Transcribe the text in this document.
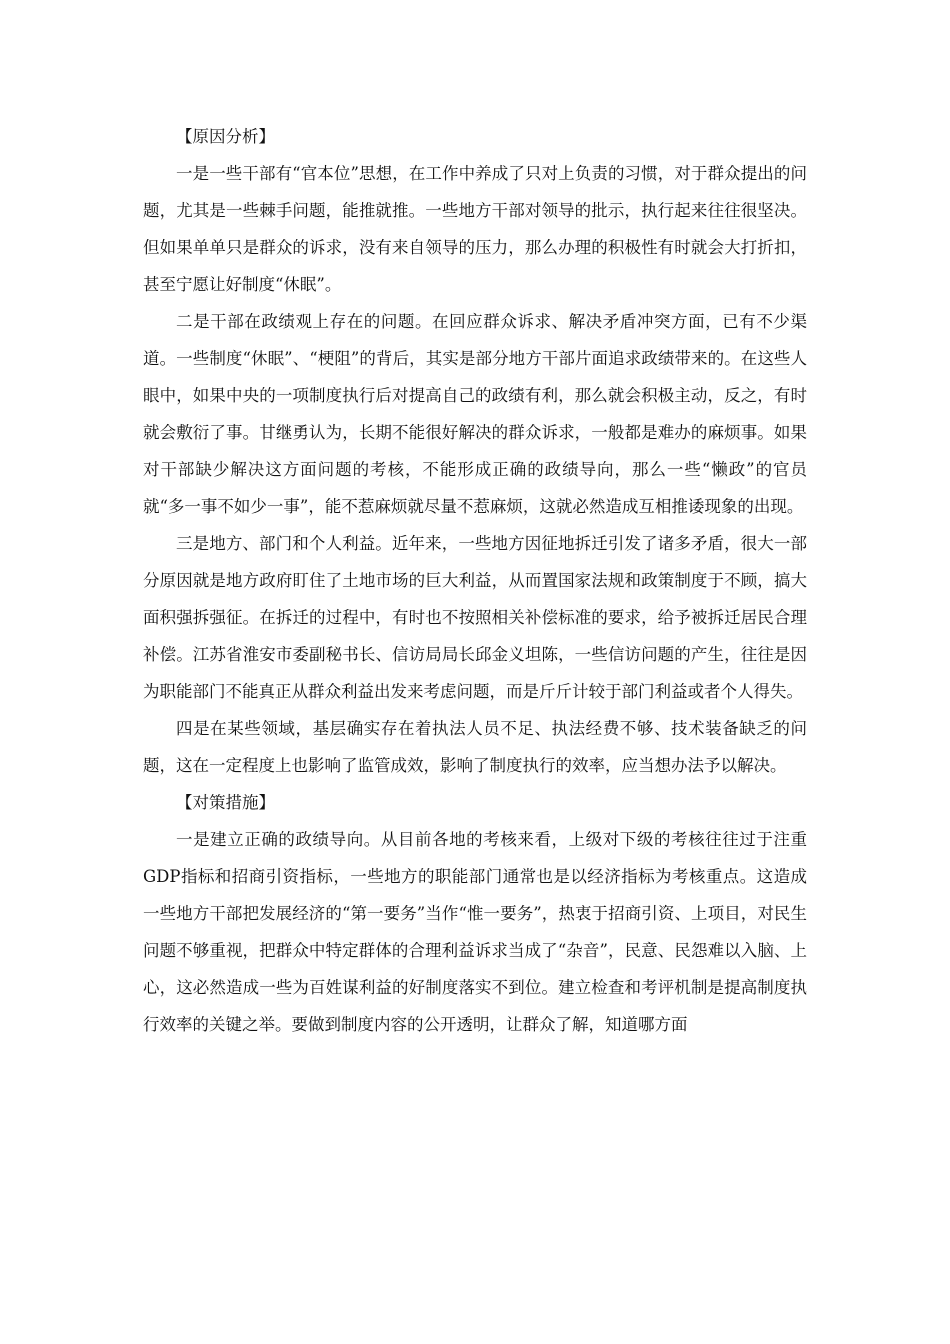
【原因分析】

一是一些干部有“官本位”思想，在工作中养成了只对上负责的习惯，对于群众提出的问题，尤其是一些棘手问题，能推就推。一些地方干部对领导的批示，执行起来往往很坚决。但如果单单只是群众的诉求，没有来自领导的压力，那么办理的积极性有时就会大打折扣，甚至宁愿让好制度“休眠”。

二是干部在政绩观上存在的问题。在回应群众诉求、解决矛盾冲突方面，已有不少渠道。一些制度“休眠”、“梗阻”的背后，其实是部分地方干部片面追求政绩带来的。在这些人眼中，如果中央的一项制度执行后对提高自己的政绩有利，那么就会积极主动，反之，有时就会敷衍了事。甘继勇认为，长期不能很好解决的群众诉求，一般都是难办的麻烦事。如果对干部缺少解决这方面问题的考核，不能形成正确的政绩导向，那么一些“懒政”的官员就“多一事不如少一事”，能不惹麻烦就尽量不惹麻烦，这就必然造成互相推诿现象的出现。

三是地方、部门和个人利益。近年来，一些地方因征地拆迁引发了诸多矛盾，很大一部分原因就是地方政府盯住了土地市场的巨大利益，从而置国家法规和政策制度于不顾，搞大面积强拆强征。在拆迁的过程中，有时也不按照相关补偿标准的要求，给予被拆迁居民合理补偿。江苏省淮安市委副秘书长、信访局局长邱金义坦陈，一些信访问题的产生，往往是因为职能部门不能真正从群众利益出发来考虑问题，而是斤斤计较于部门利益或者个人得失。

四是在某些领域，基层确实存在着执法人员不足、执法经费不够、技术装备缺乏的问题，这在一定程度上也影响了监管成效，影响了制度执行的效率，应当想办法予以解决。

【对策措施】

一是建立正确的政绩导向。从目前各地的考核来看，上级对下级的考核往往过于注重GDP指标和招商引资指标，一些地方的职能部门通常也是以经济指标为考核重点。这造成一些地方干部把发展经济的“第一要务”当作“惟一要务”，热衷于招商引资、上项目，对民生问题不够重视，把群众中特定群体的合理利益诉求当成了“杂音”，民意、民怨难以入脑、上心，这必然造成一些为百姓谋利益的好制度落实不到位。建立检查和考评机制是提高制度执行效率的关键之举。要做到制度内容的公开透明，让群众了解，知道哪方面
